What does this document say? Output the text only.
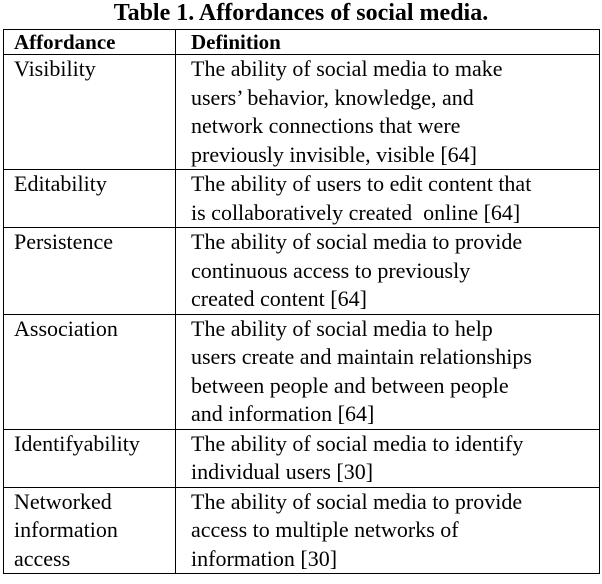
Table 1. Affordances of social media.
Affordance	Definition

Visibility	The ability of social media to make
users’ behavior, knowledge, and
network connections that were
previously invisible, visible [64]

Editability	The ability of users to edit content that
is collaboratively created  online [64]

Persistence	The ability of social media to provide
continuous access to previously
created content [64]

Association	The ability of social media to help
users create and maintain relationships
between people and between people
and information [64]

Identifyability	The ability of social media to identify
individual users [30]

Networked
information
access	The ability of social media to provide
access to multiple networks of
information [30]
